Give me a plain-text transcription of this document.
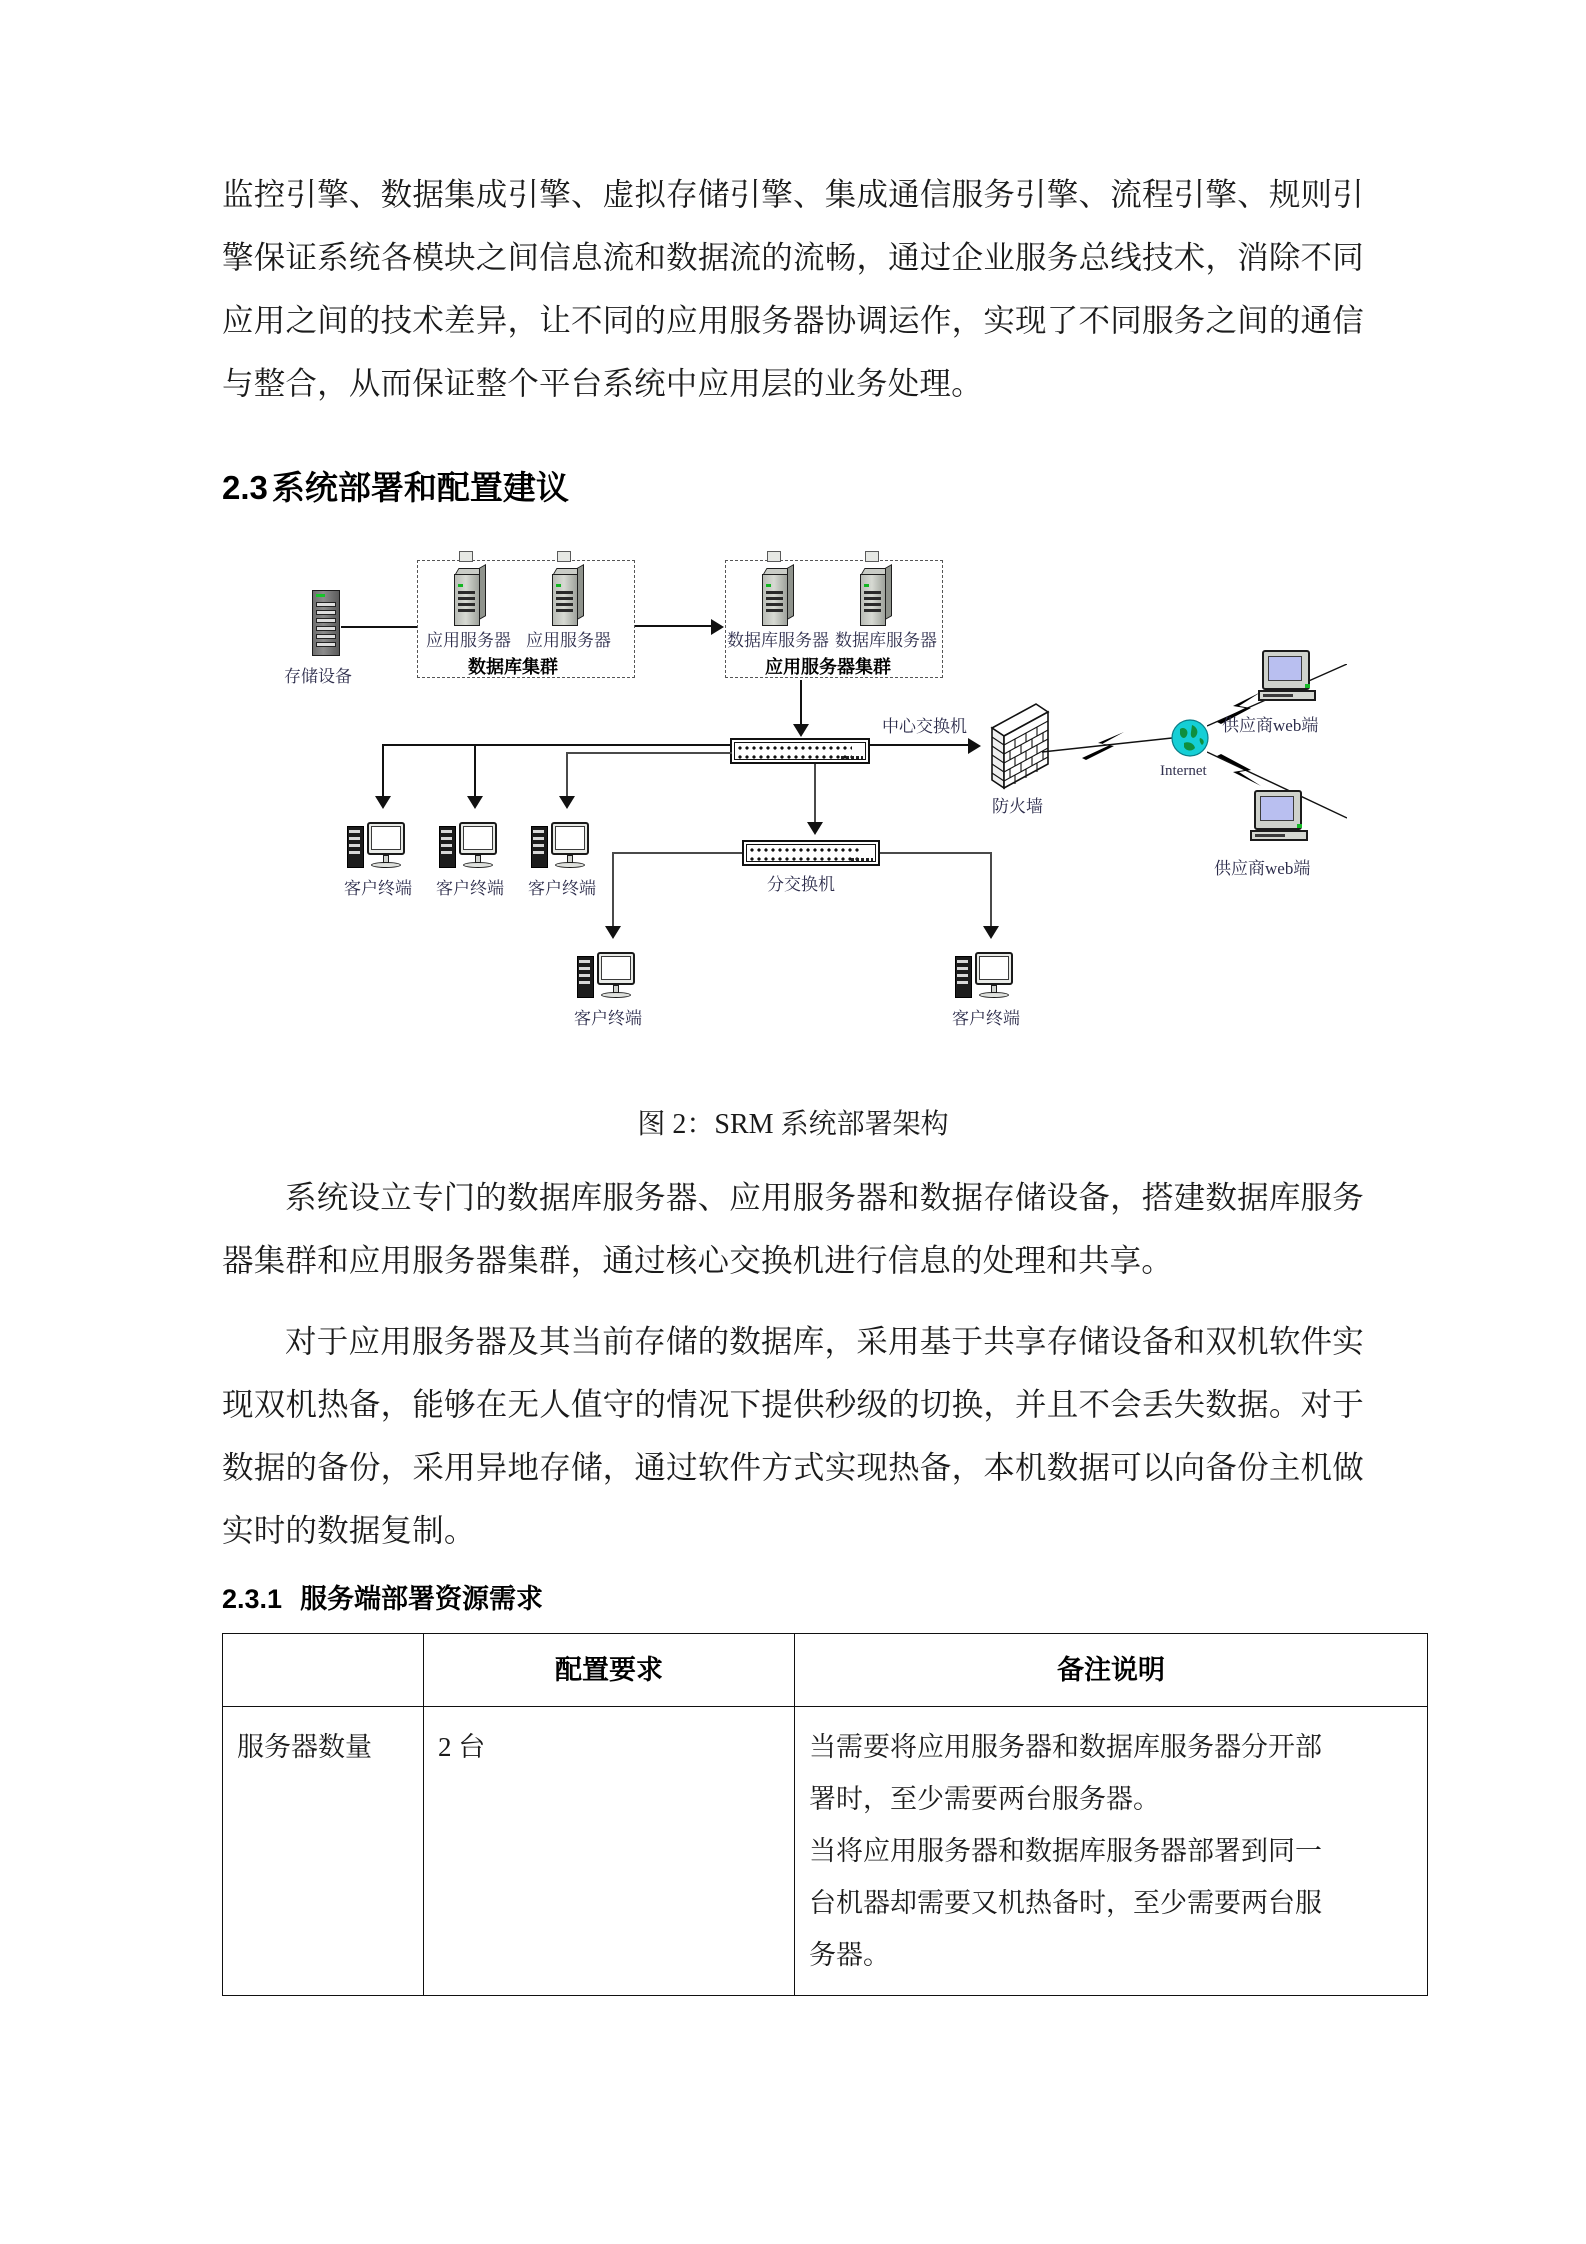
监控引擎、数据集成引擎、虚拟存储引擎、集成通信服务引擎、流程引擎、规则引擎保证系统各模块之间信息流和数据流的流畅，通过企业服务总线技术，消除不同应用之间的技术差异，让不同的应用服务器协调运作，实现了不同服务之间的通信与整合，从而保证整个平台系统中应用层的业务处理。

2.3 系统部署和配置建议
存储设备
应用服务器 应用服务器
数据库集群
数据库服务器 数据库服务器
应用服务器集群
中心交换机
客户终端 客户终端 客户终端	分交换机
客户终端	客户终端
防火墙
Internet
供应商web端
供应商web端
图 2：SRM 系统部署架构

系统设立专门的数据库服务器、应用服务器和数据存储设备，搭建数据库服务器集群和应用服务器集群，通过核心交换机进行信息的处理和共享。

对于应用服务器及其当前存储的数据库，采用基于共享存储设备和双机软件实现双机热备，能够在无人值守的情况下提供秒级的切换，并且不会丢失数据。对于数据的备份，采用异地存储，通过软件方式实现热备，本机数据可以向备份主机做实时的数据复制。

2.3.1 服务端部署资源需求
	配置要求	备注说明
服务器数量	2 台	当需要将应用服务器和数据库服务器分开部
署时，至少需要两台服务器。
当将应用服务器和数据库服务器部署到同一
台机器却需要又机热备时，至少需要两台服
务器。
